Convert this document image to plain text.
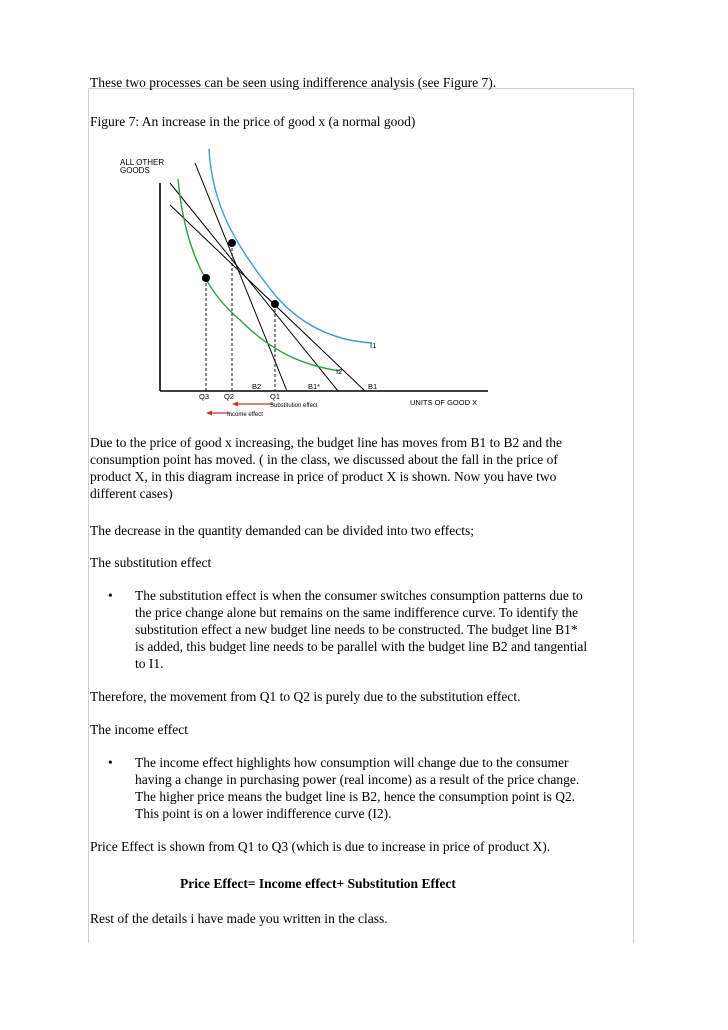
These two processes can be seen using indifference analysis (see Figure 7).

Figure 7: An increase in the price of good x (a normal good)

ALL OTHER
GOODS
UNITS OF GOOD X
I1
I2
B2	B1*	B1
Q3 Q2	Q1
Substitution effect
Income effect
Due to the price of good x increasing, the budget line has moves from B1 to B2 and the
consumption point has moved. ( in the class, we discussed about the fall in the price of
product X, in this diagram increase in price of product X is shown. Now you have two
different cases)

The decrease in the quantity demanded can be divided into two effects;

The substitution effect

• The substitution effect is when the consumer switches consumption patterns due to
the price change alone but remains on the same indifference curve. To identify the
substitution effect a new budget line needs to be constructed. The budget line B1*
is added, this budget line needs to be parallel with the budget line B2 and tangential
to I1.

Therefore, the movement from Q1 to Q2 is purely due to the substitution effect.

The income effect

• The income effect highlights how consumption will change due to the consumer
having a change in purchasing power (real income) as a result of the price change.
The higher price means the budget line is B2, hence the consumption point is Q2.
This point is on a lower indifference curve (I2).

Price Effect is shown from Q1 to Q3 (which is due to increase in price of product X).

Price Effect= Income effect+ Substitution Effect

Rest of the details i have made you written in the class.
